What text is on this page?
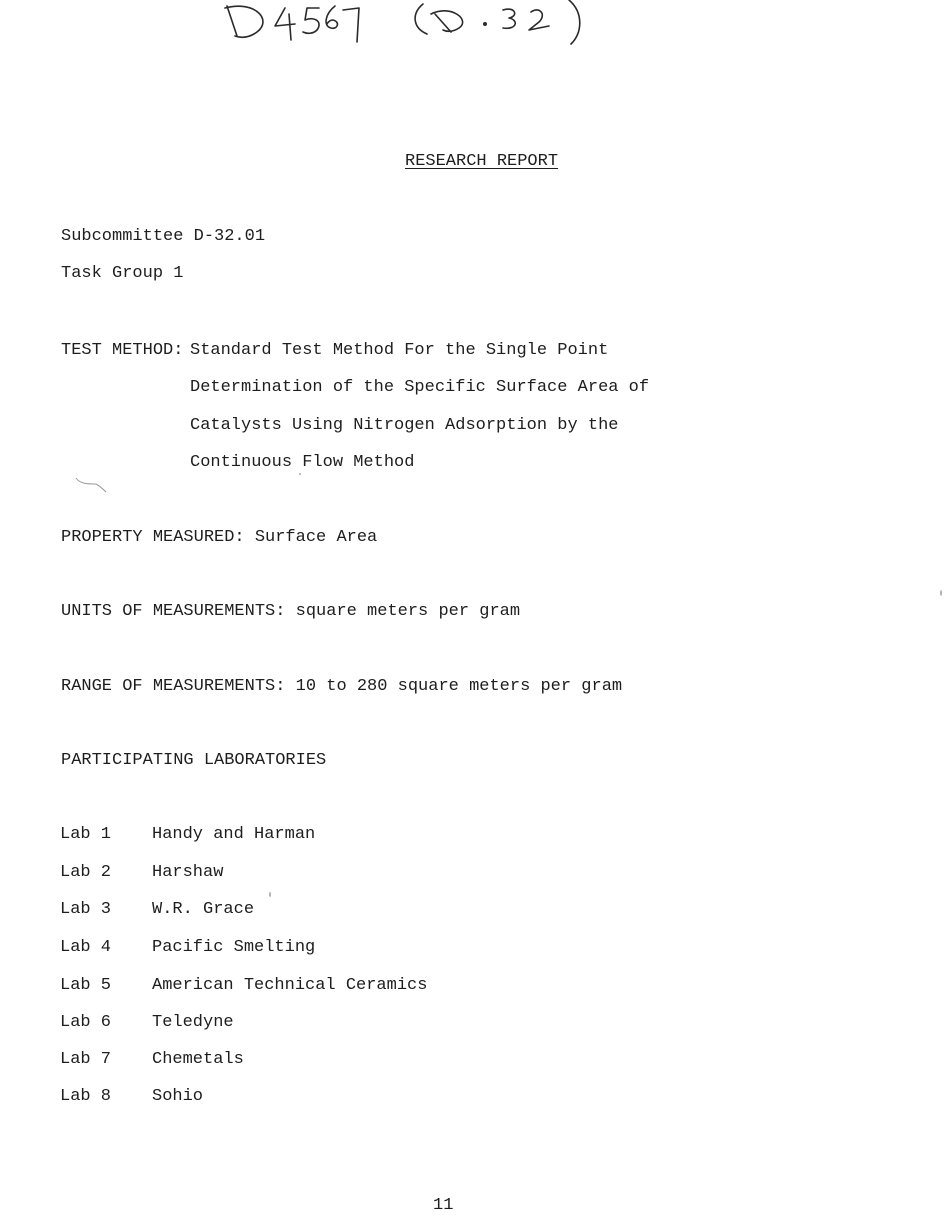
RESEARCH REPORT
Subcommittee D-32.01
Task Group 1
TEST METHOD: Standard Test Method For the Single Point
Determination of the Specific Surface Area of
Catalysts Using Nitrogen Adsorption by the
Continuous Flow Method
PROPERTY MEASURED: Surface Area
UNITS OF MEASUREMENTS: square meters per gram
RANGE OF MEASUREMENTS: 10 to 280 square meters per gram
PARTICIPATING LABORATORIES
Lab 1 Handy and Harman
Lab 2 Harshaw
Lab 3 W.R. Grace
Lab 4 Pacific Smelting
Lab 5 American Technical Ceramics
Lab 6 Teledyne
Lab 7 Chemetals
Lab 8 Sohio
11
